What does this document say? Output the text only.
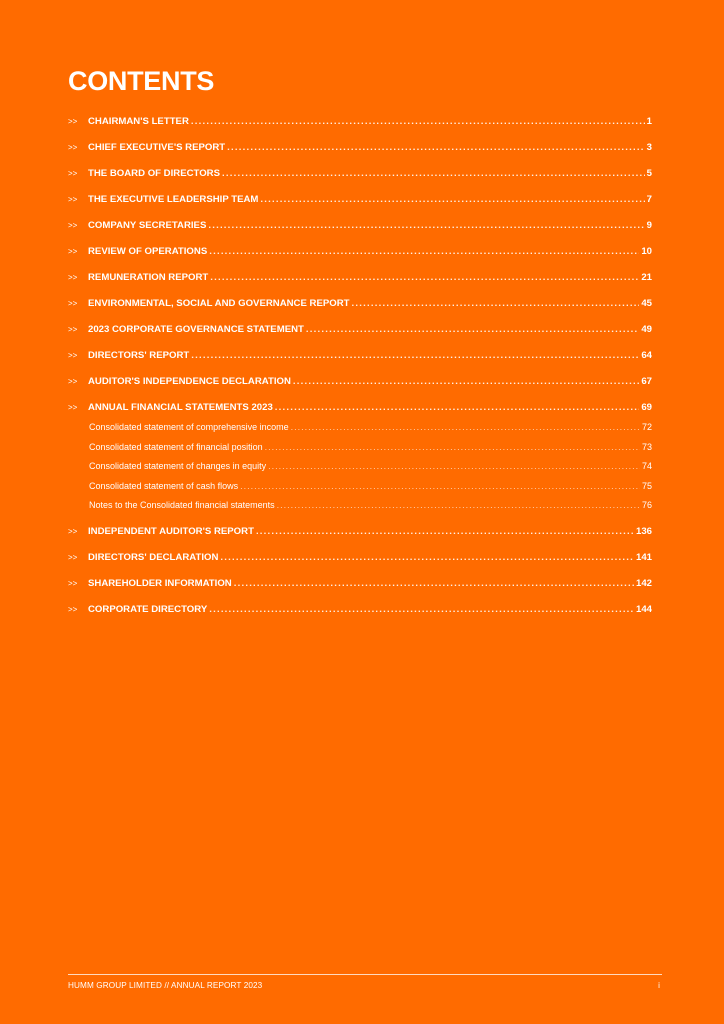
CONTENTS
>>	CHAIRMAN'S LETTER .....	1
>>	CHIEF EXECUTIVE'S REPORT .....	3
>>	THE BOARD OF DIRECTORS .....	5
>>	THE EXECUTIVE LEADERSHIP TEAM .....	7
>>	COMPANY SECRETARIES .....	9
>>	REVIEW OF OPERATIONS .....	10
>>	REMUNERATION REPORT .....	21
>>	ENVIRONMENTAL, SOCIAL AND GOVERNANCE REPORT .....	45
>>	2023 CORPORATE GOVERNANCE STATEMENT .....	49
>>	DIRECTORS' REPORT .....	64
>>	AUDITOR'S INDEPENDENCE DECLARATION .....	67
>>	ANNUAL FINANCIAL STATEMENTS 2023 .....	69
Consolidated statement of comprehensive income .....	72
Consolidated statement of financial position .....	73
Consolidated statement of changes in equity .....	74
Consolidated statement of cash flows .....	75
Notes to the Consolidated financial statements .....	76
>>	INDEPENDENT AUDITOR'S REPORT .....	136
>>	DIRECTORS' DECLARATION .....	141
>>	SHAREHOLDER INFORMATION .....	142
>>	CORPORATE DIRECTORY .....	144
HUMM GROUP LIMITED // ANNUAL REPORT 2023	i
